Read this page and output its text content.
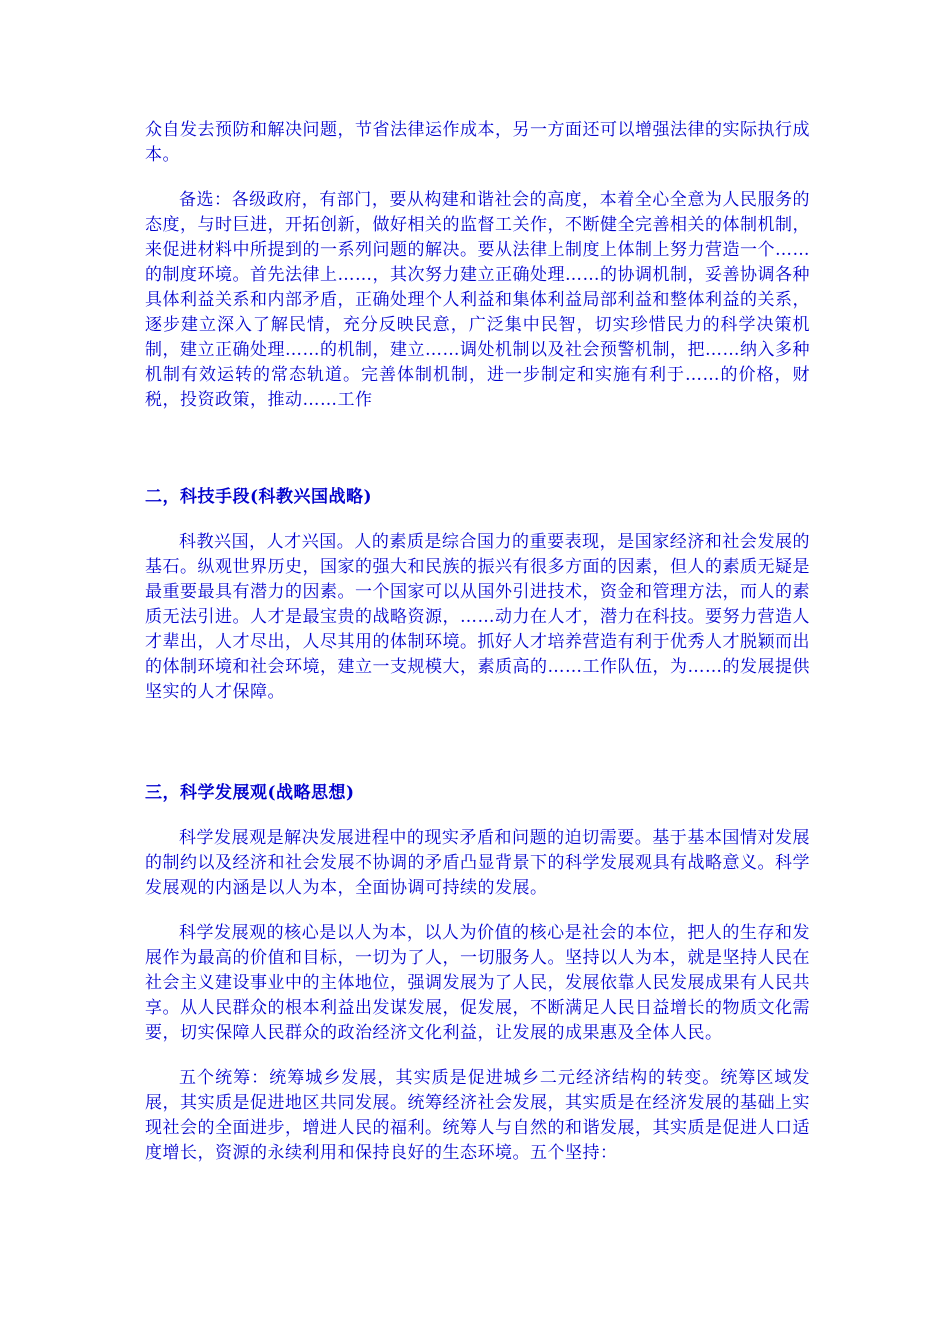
众自发去预防和解决问题，节省法律运作成本，另一方面还可以增强法律的实际执行成本。

备选：各级政府，有部门，要从构建和谐社会的高度，本着全心全意为人民服务的态度，与时巨进，开拓创新，做好相关的监督工关作，不断健全完善相关的体制机制，来促进材料中所提到的一系列问题的解决。要从法律上制度上体制上努力营造一个……的制度环境。首先法律上……，其次努力建立正确处理……的协调机制，妥善协调各种具体利益关系和内部矛盾，正确处理个人利益和集体利益局部利益和整体利益的关系，逐步建立深入了解民情，充分反映民意，广泛集中民智，切实珍惜民力的科学决策机制，建立正确处理……的机制，建立……调处机制以及社会预警机制，把……纳入多种机制有效运转的常态轨道。完善体制机制，进一步制定和实施有利于……的价格，财税，投资政策，推动……工作

二，科技手段(科教兴国战略)

科教兴国，人才兴国。人的素质是综合国力的重要表现，是国家经济和社会发展的基石。纵观世界历史，国家的强大和民族的振兴有很多方面的因素，但人的素质无疑是最重要最具有潜力的因素。一个国家可以从国外引进技术，资金和管理方法，而人的素质无法引进。人才是最宝贵的战略资源，……动力在人才，潜力在科技。要努力营造人才辈出，人才尽出，人尽其用的体制环境。抓好人才培养营造有利于优秀人才脱颖而出的体制环境和社会环境，建立一支规模大，素质高的……工作队伍，为……的发展提供坚实的人才保障。

三，科学发展观(战略思想)

科学发展观是解决发展进程中的现实矛盾和问题的迫切需要。基于基本国情对发展的制约以及经济和社会发展不协调的矛盾凸显背景下的科学发展观具有战略意义。科学发展观的内涵是以人为本，全面协调可持续的发展。

科学发展观的核心是以人为本，以人为价值的核心是社会的本位，把人的生存和发展作为最高的价值和目标，一切为了人，一切服务人。坚持以人为本，就是坚持人民在社会主义建设事业中的主体地位，强调发展为了人民，发展依靠人民发展成果有人民共享。从人民群众的根本利益出发谋发展，促发展，不断满足人民日益增长的物质文化需要，切实保障人民群众的政治经济文化利益，让发展的成果惠及全体人民。

五个统筹：统筹城乡发展，其实质是促进城乡二元经济结构的转变。统筹区域发展，其实质是促进地区共同发展。统筹经济社会发展，其实质是在经济发展的基础上实现社会的全面进步，增进人民的福利。统筹人与自然的和谐发展，其实质是促进人口适度增长，资源的永续利用和保持良好的生态环境。五个坚持：
